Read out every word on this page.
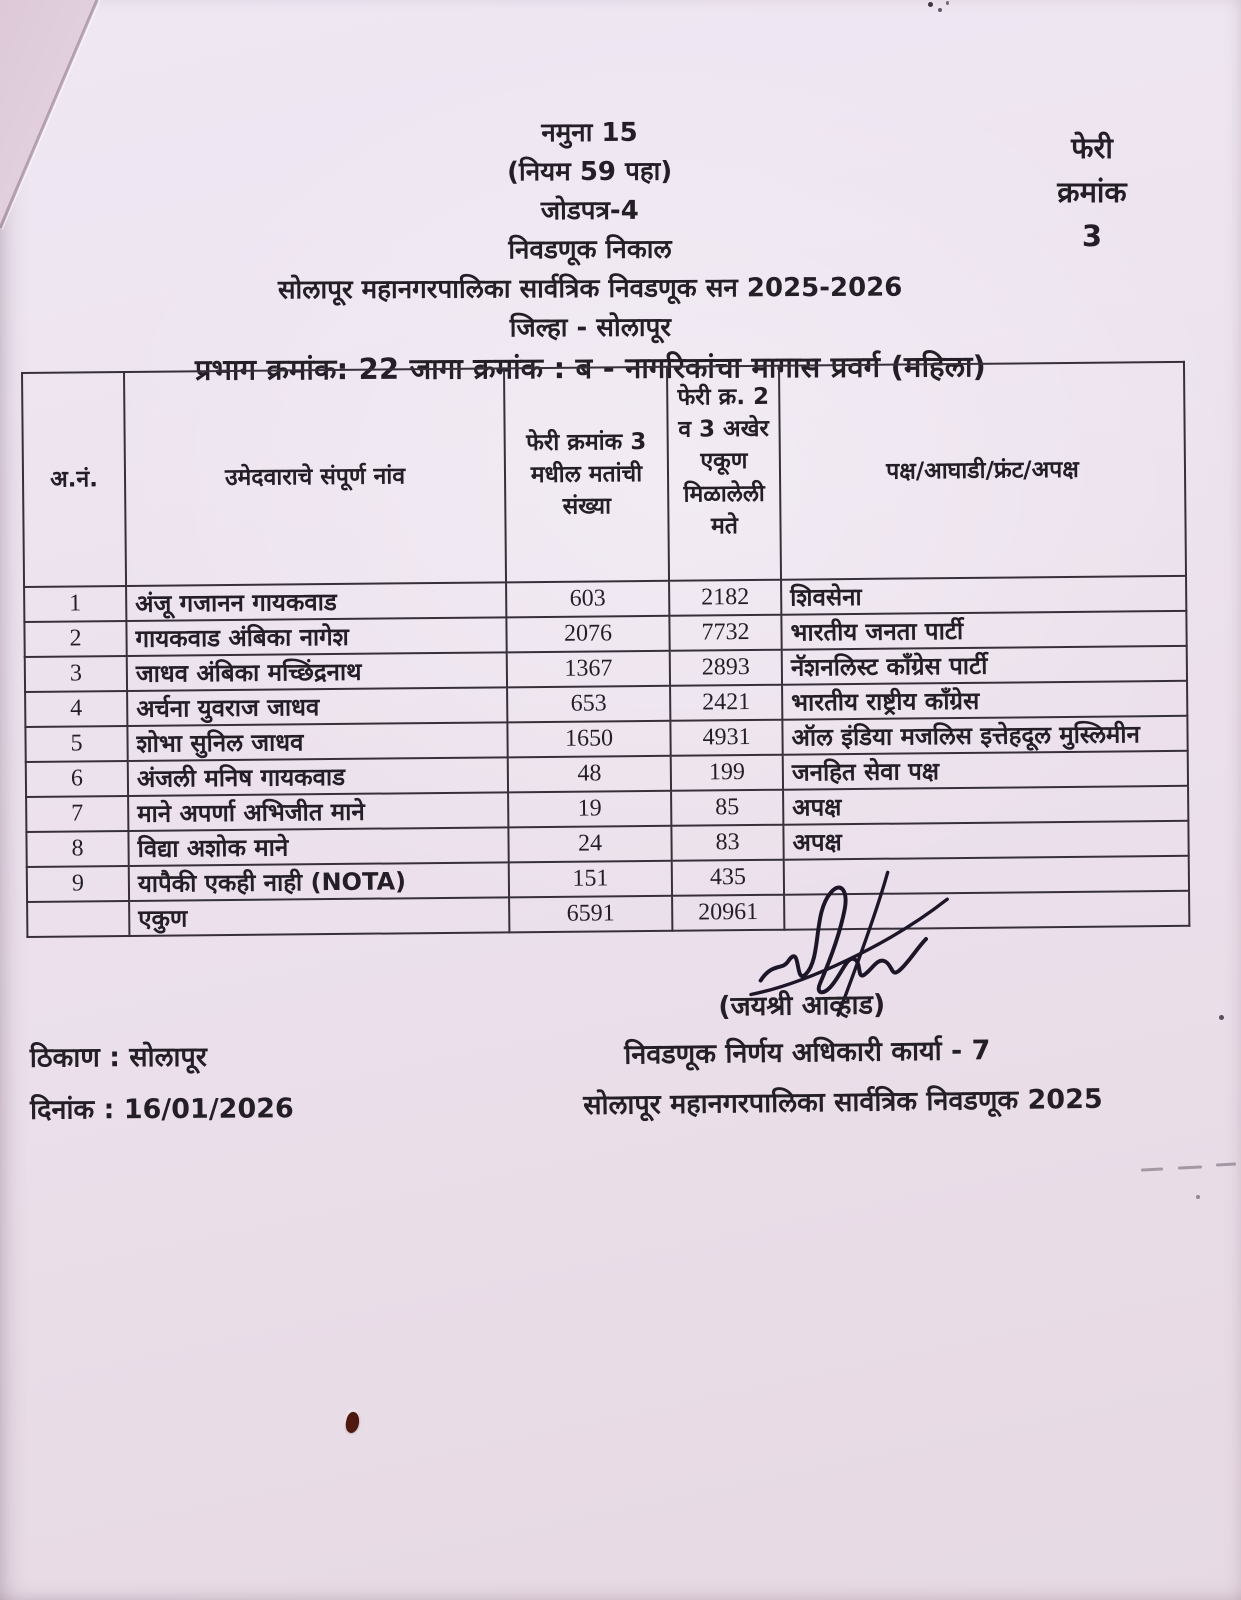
नमुना 15
(नियम 59 पहा)
जोडपत्र-4
निवडणूक निकाल
सोलापूर महानगरपालिका सार्वत्रिक निवडणूक सन 2025-2026
जिल्हा - सोलापूर
प्रभाग क्रमांक: 22 जागा क्रमांक : ब - नागरिकांचा मागास प्रवर्ग (महिला)
फेरी
क्रमांक
3
अ.नं.	उमेदवाराचे संपूर्ण नांव	फेरी क्रमांक 3 मधील मतांची संख्या	फेरी क्र. 2 व 3 अखेर एकूण मिळालेली मते	पक्ष/आघाडी/फ्रंट/अपक्ष
1	अंजू गजानन गायकवाड	603	2182	शिवसेना
2	गायकवाड अंबिका नागेश	2076	7732	भारतीय जनता पार्टी
3	जाधव अंबिका मच्छिंद्रनाथ	1367	2893	नॅशनलिस्ट काँग्रेस पार्टी
4	अर्चना युवराज जाधव	653	2421	भारतीय राष्ट्रीय काँग्रेस
5	शोभा सुनिल जाधव	1650	4931	ऑल इंडिया मजलिस इत्तेहदूल मुस्लिमीन
6	अंजली मनिष गायकवाड	48	199	जनहित सेवा पक्ष
7	माने अपर्णा अभिजीत माने	19	85	अपक्ष
8	विद्या अशोक माने	24	83	अपक्ष
9	यापैकी एकही नाही (NOTA)	151	435	
	एकुण	6591	20961	
(जयश्री आव्हाड)
निवडणूक निर्णय अधिकारी कार्या - 7
सोलापूर महानगरपालिका सार्वत्रिक निवडणूक 2025
ठिकाण : सोलापूर
दिनांक : 16/01/2026
